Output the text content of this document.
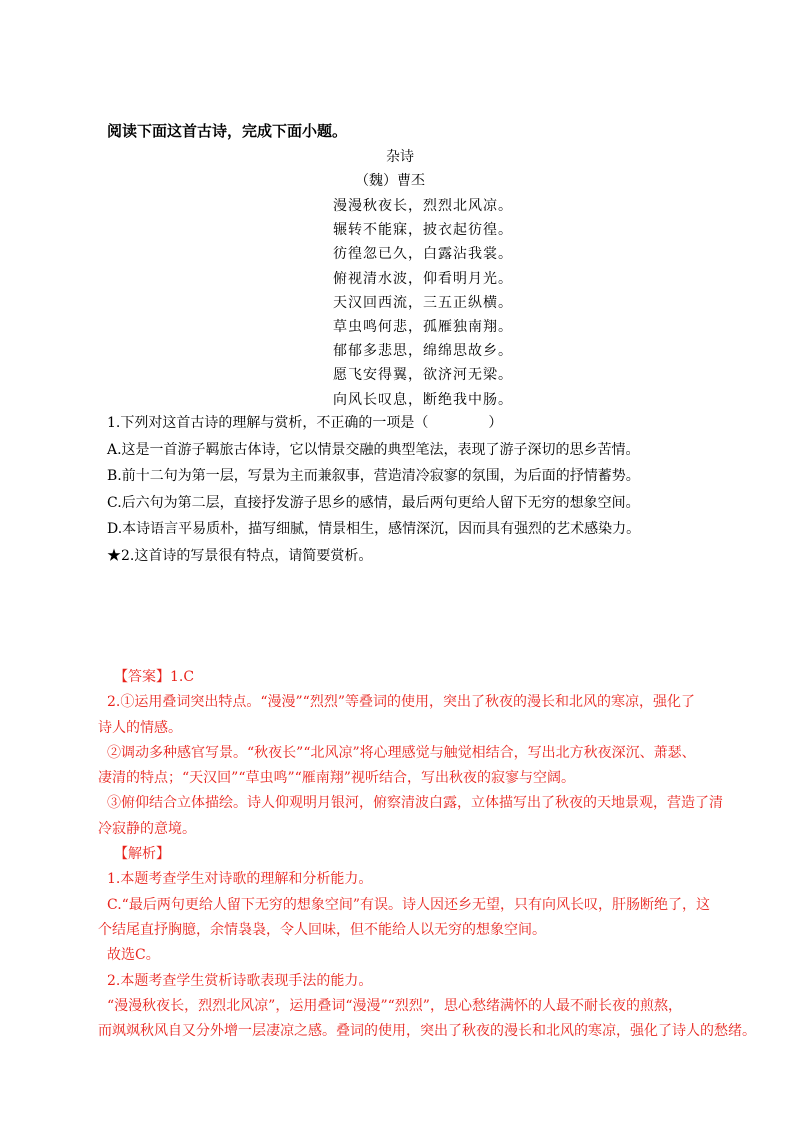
阅读下面这首古诗，完成下面小题。
杂诗
（魏）曹丕
漫漫秋夜长，烈烈北风凉。
辗转不能寐，披衣起彷徨。
彷徨忽已久，白露沾我裳。
俯视清水波，仰看明月光。
天汉回西流，三五正纵横。
草虫鸣何悲，孤雁独南翔。
郁郁多悲思，绵绵思故乡。
愿飞安得翼，欲济河无梁。
向风长叹息，断绝我中肠。
1.下列对这首古诗的理解与赏析，不正确的一项是（	）
A.这是一首游子羁旅古体诗，它以情景交融的典型笔法，表现了游子深切的思乡苦情。
B.前十二句为第一层，写景为主而兼叙事，营造清冷寂寥的氛围，为后面的抒情蓄势。
C.后六句为第二层，直接抒发游子思乡的感情，最后两句更给人留下无穷的想象空间。
D.本诗语言平易质朴，描写细腻，情景相生，感情深沉，因而具有强烈的艺术感染力。
★2.这首诗的写景很有特点，请简要赏析。
【答案】1.C
2.①运用叠词突出特点。“漫漫”“烈烈”等叠词的使用，突出了秋夜的漫长和北风的寒凉，强化了
诗人的情感。
②调动多种感官写景。“秋夜长”“北风凉”将心理感觉与触觉相结合，写出北方秋夜深沉、萧瑟、
凄清的特点；“天汉回”“草虫鸣”“雁南翔”视听结合，写出秋夜的寂寥与空阔。
③俯仰结合立体描绘。诗人仰观明月银河，俯察清波白露，立体描写出了秋夜的天地景观，营造了清
冷寂静的意境。
【解析】
1.本题考查学生对诗歌的理解和分析能力。
C.“最后两句更给人留下无穷的想象空间”有误。诗人因还乡无望，只有向风长叹，肝肠断绝了，这
个结尾直抒胸臆，余情袅袅，令人回味，但不能给人以无穷的想象空间。
故选C。
2.本题考查学生赏析诗歌表现手法的能力。
“漫漫秋夜长，烈烈北风凉”，运用叠词“漫漫”“烈烈”，思心愁绪满怀的人最不耐长夜的煎熬，
而飒飒秋风自又分外增一层凄凉之感。叠词的使用，突出了秋夜的漫长和北风的寒凉，强化了诗人的愁绪。
